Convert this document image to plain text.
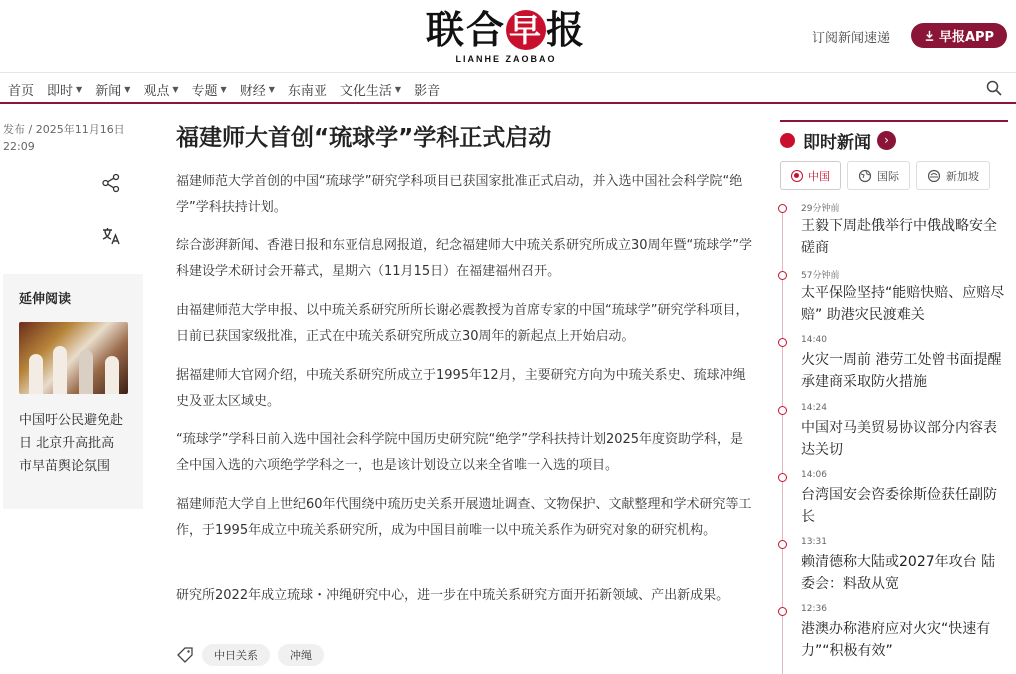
联合早报
LIANHE ZAOBAO
订阅新闻速递	早报APP
首页 即时 ▼ 新闻 ▼ 观点 ▼ 专题 ▼ 财经 ▼ 东南亚 文化生活 ▼ 影音
发布 / 2025年11月16日
22:09
延伸阅读
中国吁公民避免赴日 北京升高批高市早苗舆论氛围
福建师大首创“琉球学”学科正式启动

福建师范大学首创的中国“琉球学”研究学科项目已获国家批准正式启动，并入选中国社会科学院“绝学”学科扶持计划。

综合澎湃新闻、香港日报和东亚信息网报道，纪念福建师大中琉关系研究所成立30周年暨“琉球学”学科建设学术研讨会开幕式，星期六（11月15日）在福建福州召开。

由福建师范大学申报、以中琉关系研究所所长谢必震教授为首席专家的中国“琉球学”研究学科项目，日前已获国家级批准，正式在中琉关系研究所成立30周年的新起点上开始启动。

据福建师大官网介绍，中琉关系研究所成立于1995年12月，主要研究方向为中琉关系史、琉球冲绳史及亚太区域史。

“琉球学”学科日前入选中国社会科学院中国历史研究院“绝学”学科扶持计划2025年度资助学科，是全中国入选的六项绝学学科之一，也是该计划设立以来全省唯一入选的项目。

福建师范大学自上世纪60年代围绕中琉历史关系开展遗址调查、文物保护、文献整理和学术研究等工作，于1995年成立中琉关系研究所，成为中国目前唯一以中琉关系作为研究对象的研究机构。

研究所2022年成立琉球・冲绳研究中心，进一步在中琉关系研究方面开拓新领域、产出新成果。

中日关系	冲绳
即时新闻	›
中国	国际	新加坡
29分钟前
王毅下周赴俄举行中俄战略安全磋商
57分钟前
太平保险坚持“能赔快赔、应赔尽赔” 助港灾民渡难关
14:40
火灾一周前 港劳工处曾书面提醒承建商采取防火措施
14:24
中国对马美贸易协议部分内容表达关切
14:06
台湾国安会咨委徐斯俭获任副防长
13:31
赖清德称大陆或2027年攻台 陆委会：料敌从宽
12:36
港澳办称港府应对火灾“快速有力”“积极有效”
